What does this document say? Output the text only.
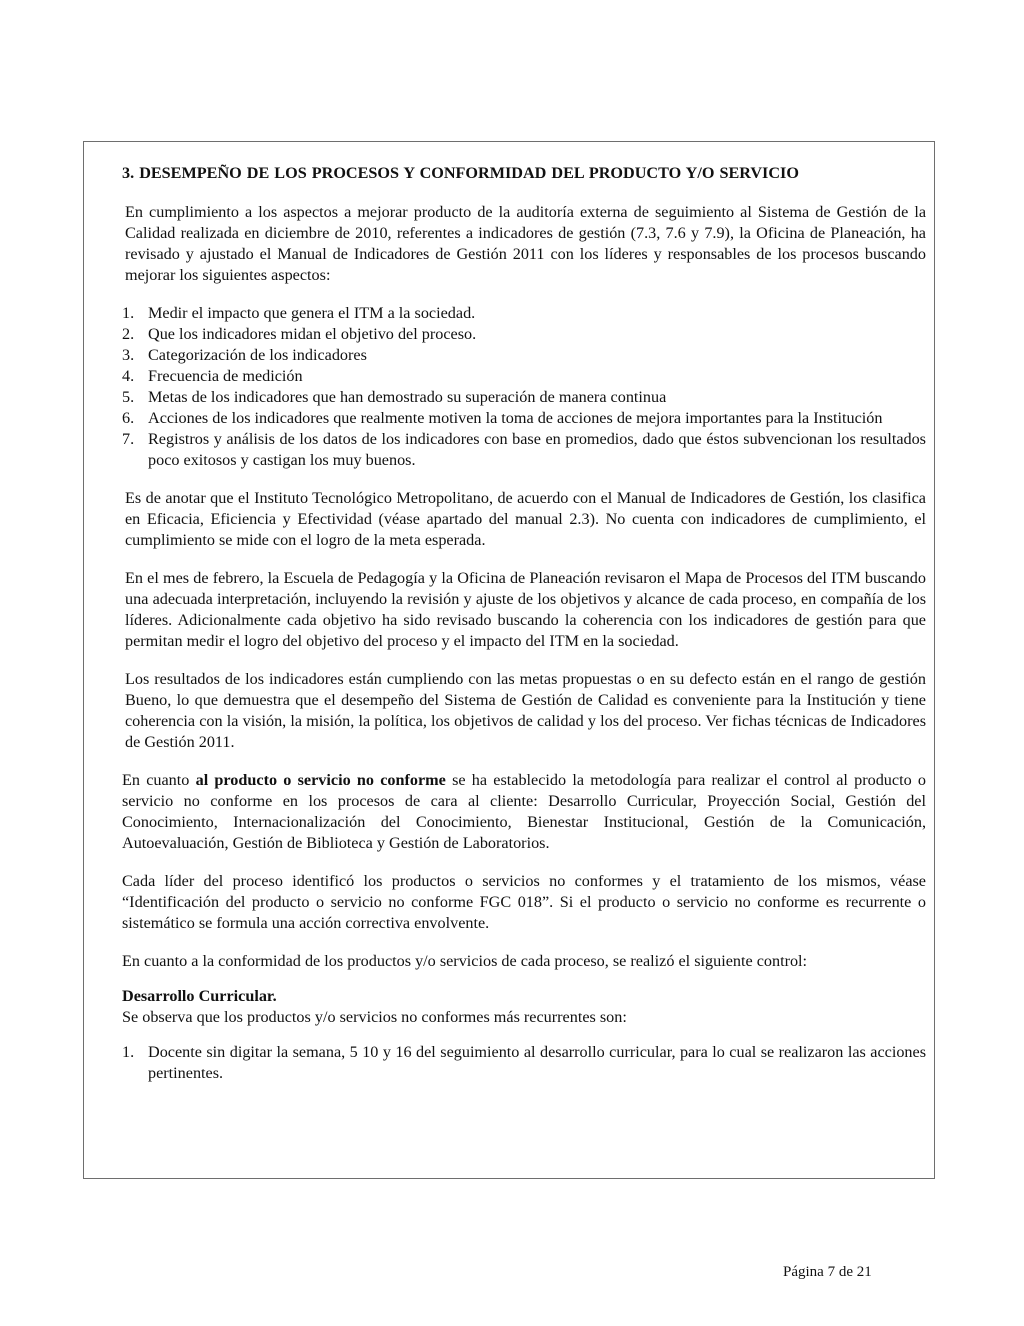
3. DESEMPEÑO DE LOS PROCESOS Y CONFORMIDAD DEL PRODUCTO Y/O SERVICIO

En cumplimiento a los aspectos a mejorar producto de la auditoría externa de seguimiento al Sistema de Gestión de la Calidad realizada en diciembre de 2010, referentes a indicadores de gestión (7.3, 7.6 y 7.9), la Oficina de Planeación, ha revisado y ajustado el Manual de Indicadores de Gestión 2011 con los líderes y responsables de los procesos buscando mejorar los siguientes aspectos:

1. Medir el impacto que genera el ITM a la sociedad.
2. Que los indicadores midan el objetivo del proceso.
3. Categorización de los indicadores
4. Frecuencia de medición
5. Metas de los indicadores que han demostrado su superación de manera continua
6. Acciones de los indicadores que realmente motiven la toma de acciones de mejora importantes para la Institución
7. Registros y análisis de los datos de los indicadores con base en promedios, dado que éstos subvencionan los resultados poco exitosos y castigan los muy buenos.

Es de anotar que el Instituto Tecnológico Metropolitano, de acuerdo con el Manual de Indicadores de Gestión, los clasifica en Eficacia, Eficiencia y Efectividad (véase apartado del manual 2.3). No cuenta con indicadores de cumplimiento, el cumplimiento se mide con el logro de la meta esperada.

En el mes de febrero, la Escuela de Pedagogía y la Oficina de Planeación revisaron el Mapa de Procesos del ITM buscando una adecuada interpretación, incluyendo la revisión y ajuste de los objetivos y alcance de cada proceso, en compañía de los líderes. Adicionalmente cada objetivo ha sido revisado buscando la coherencia con los indicadores de gestión para que permitan medir el logro del objetivo del proceso y el impacto del ITM en la sociedad.

Los resultados de los indicadores están cumpliendo con las metas propuestas o en su defecto están en el rango de gestión Bueno, lo que demuestra que el desempeño del Sistema de Gestión de Calidad es conveniente para la Institución y tiene coherencia con la visión, la misión, la política, los objetivos de calidad y los del proceso. Ver fichas técnicas de Indicadores de Gestión 2011.

En cuanto al producto o servicio no conforme se ha establecido la metodología para realizar el control al producto o servicio no conforme en los procesos de cara al cliente: Desarrollo Curricular, Proyección Social, Gestión del Conocimiento, Internacionalización del Conocimiento, Bienestar Institucional, Gestión de la Comunicación, Autoevaluación, Gestión de Biblioteca y Gestión de Laboratorios.

Cada líder del proceso identificó los productos o servicios no conformes y el tratamiento de los mismos, véase “Identificación del producto o servicio no conforme FGC 018”. Si el producto o servicio no conforme es recurrente o sistemático se formula una acción correctiva envolvente.

En cuanto a la conformidad de los productos y/o servicios de cada proceso, se realizó el siguiente control:

Desarrollo Curricular.

Se observa que los productos y/o servicios no conformes más recurrentes son:

1. Docente sin digitar la semana, 5 10 y 16 del seguimiento al desarrollo curricular, para lo cual se realizaron las acciones pertinentes.
Página 7 de 21
